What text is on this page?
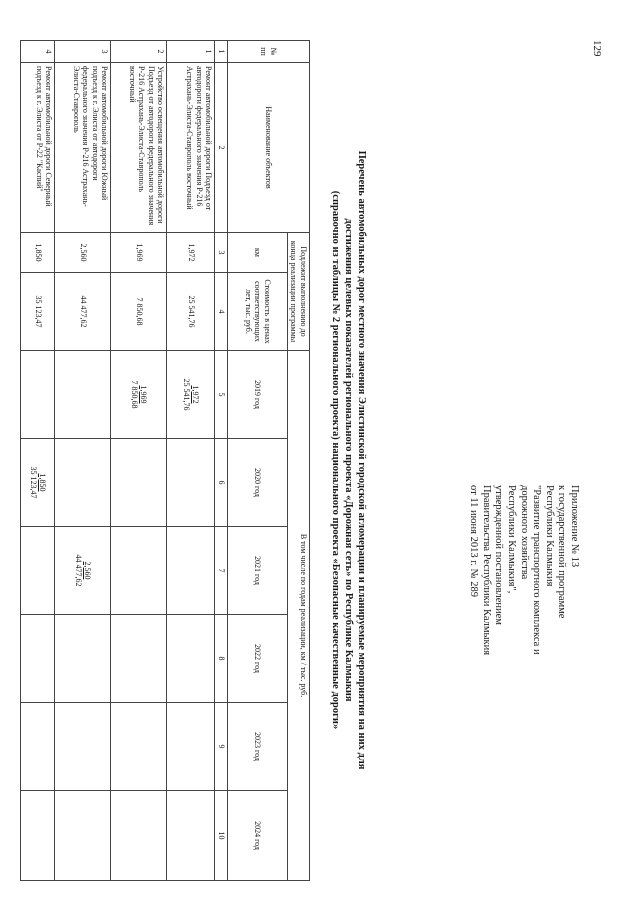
129
Приложение № 13
к государственной программе
Республики Калмыкия
"Развитие транспортного комплекса и
дорожного хозяйства
Республики Калмыкия",
утвержденной постановлением
Правительства Республики Калмыкия
от 11 июня 2013 г. № 289
Перечень автомобильных дорог местного значения Элистинской городской агломерации и планируемые мероприятия на них для
достижения целевых показателей регионального проекта «Дорожная сеть» по Республике Калмыкия
(справочно из таблицы № 2 регионального проекта) национального проекта «Безопасные качественные дороги»
№ пп	Наименование объектов	Подлежит выполнению до конца реализации программы		В том числе по годам реализации, км / тыс. руб.					
		км	Стоимость в ценах соответствующих лет, тыс. руб.	2019 год	2020 год	2021 год	2022 год	2023 год	2024 год
1	2	3	4	5	6	7	8	9	10
1	Ремонт автомобильной дороги Подъезд от автодороги федерального значения Р-216 Астрахань-Элиста-Ставрополь восточный	1,972	25 541,76	1,972
25 541,76					

2	Устройство освещения автомобильной дороги Подъезд от автодороги федерального значения Р-216 Астрахань-Элиста-Ставрополь восточный	1,969	7 850,68	1,969
7 850,68					

3	Ремонт автомобильной дороги Южный подъезд к г. Элиста от автодороги федерального значения Р-216 Астрахань-Элиста-Ставрополь	2,560	44 477,62			2,560
44 477,62			

4	Ремонт автомобильной дороги Северный подъезд к г. Элиста от Р-22 "Каспий"	1,850	35 123,47		1,850
35 123,47				
